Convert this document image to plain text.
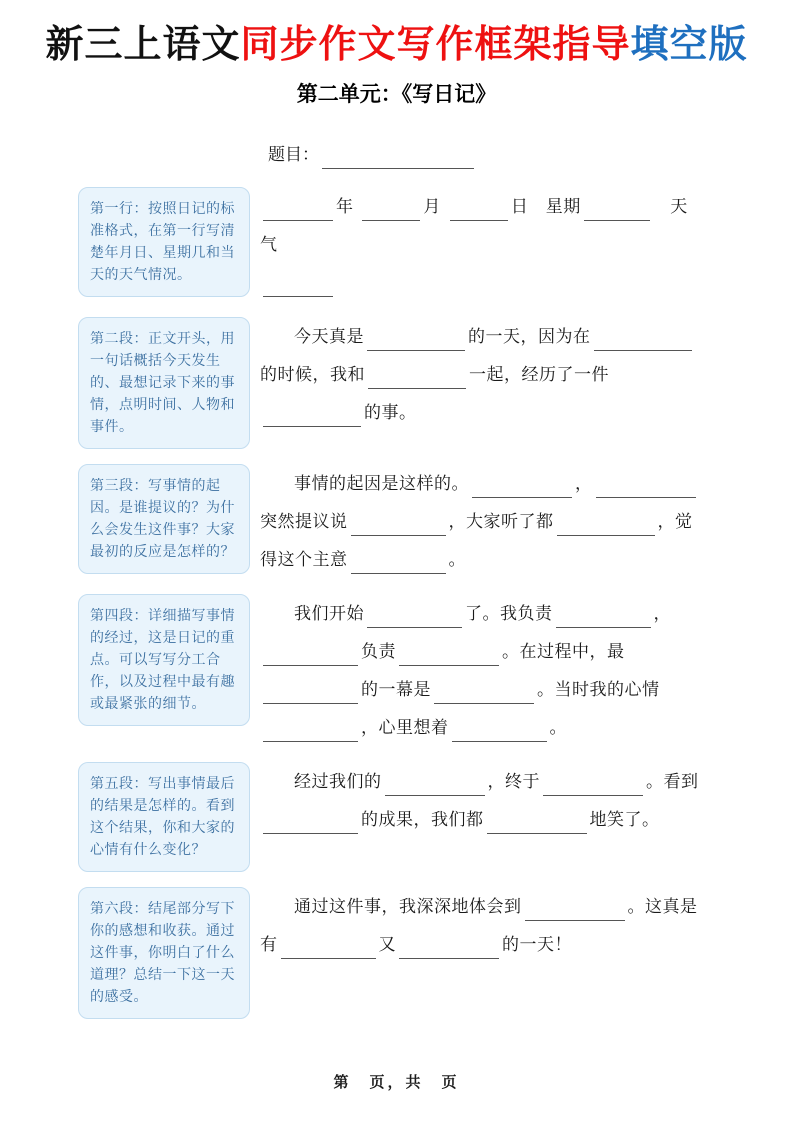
新三上语文同步作文写作框架指导填空版
第二单元：《写日记》
题目：
第一行：按照日记的标准格式，在第一行写清楚年月日、星期几和当天的天气情况。
年	月	日　星期	　天气

第二段：正文开头，用一句话概括今天发生的、最想记录下来的事情，点明时间、人物和事件。
今天真是	的一天，因为在的时候，我和	一起，经历了一件的事。
第三段：写事情的起因。是谁提议的？为什么会发生这件事？大家最初的反应是怎样的？
事情的起因是这样的。	，突然提议说	，大家听了都	，觉得这个主意	。
第四段：详细描写事情的经过，这是日记的重点。可以写写分工合作，以及过程中最有趣或最紧张的细节。
我们开始	了。我负责	，负责	。在过程中，最的一幕是	。当时我的心情，心里想着	。
第五段：写出事情最后的结果是怎样的。看到这个结果，你和大家的心情有什么变化？
经过我们的	，终于	。看到的成果，我们都	地笑了。
第六段：结尾部分写下你的感想和收获。通过这件事，你明白了什么道理？总结一下这一天的感受。
通过这件事，我深深地体会到	。这真是有	又	的一天！
第　页，共　页
